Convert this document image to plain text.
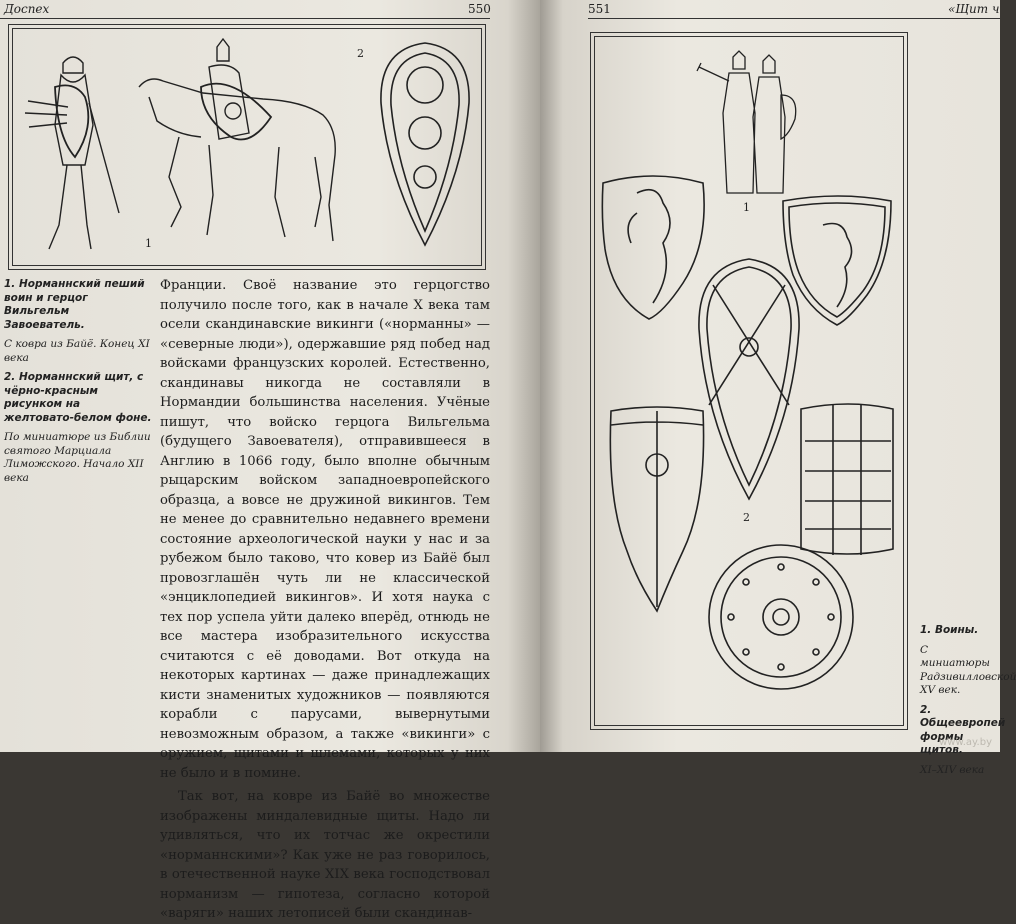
Доспех	550
1
2

1. Норманнский пеший воин и герцог Вильгельм Завоеватель.

С ковра из Байё. Конец XI века

2. Норманнский щит, с чёрно-красным рисунком на желтовато-белом фоне.

По миниатюре из Библии святого Марциала Лиможского. Начало XII века

Франции. Своё название это герцогство получило после того, как в начале X века там осели скандинавские викинги («норманны» — «северные люди»), одержавшие ряд побед над войсками французских королей. Естественно, скандинавы никогда не составляли в Нормандии большинства населения. Учёные пишут, что войско герцога Вильгельма (будущего Завоевателя), отправившееся в Англию в 1066 году, было вполне обычным рыцарским войском западноевропейского образца, а вовсе не дружиной викингов. Тем не менее до сравнительно недавнего времени состояние археологической науки у нас и за рубежом было таково, что ковер из Байё был провозглашён чуть ли не классической «энциклопедией викингов». И хотя наука с тех пор успела уйти далеко вперёд, отнюдь не все мастера изобразительного искусства считаются с её доводами. Вот откуда на некоторых картинах — даже принадлежащих кисти знаменитых художников — появляются корабли с парусами, вывернутыми невозможным образом, а также «викинги» с оружием, щитами и шлемами, которых у них не было и в помине.

Так вот, на ковре из Байё во множестве изображены миндалевидные щиты. Надо ли удивляться, что их тотчас же окрестили «норманнскими»? Как уже не раз говорилось, в отечественной науке XIX века господствовал норманизм — гипотеза, согласно которой «варяги» наших летописей были скандинав-

551	«Щит ч
1
2

1. Воины.

С миниатюры Радзивилловской XV век.

2. Общеевропей формы щитов.

XI–XIV века

www.ay.by
